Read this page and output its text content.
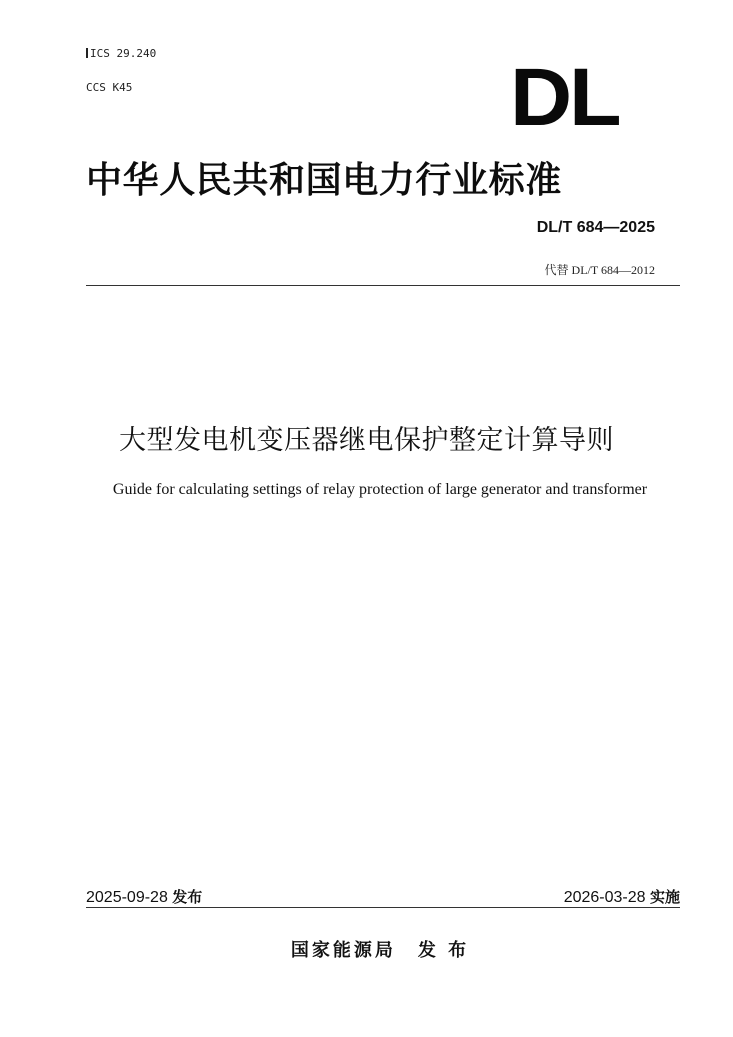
ICS 29.240
CCS K45	DL
中华人民共和国电力行业标准
DL/T 684—2025
代替 DL/T 684—2012
大型发电机变压器继电保护整定计算导则
Guide for calculating settings of relay protection of large generator and transformer
2025-09-28 发布	2026-03-28 实施
国家能源局 发 布
